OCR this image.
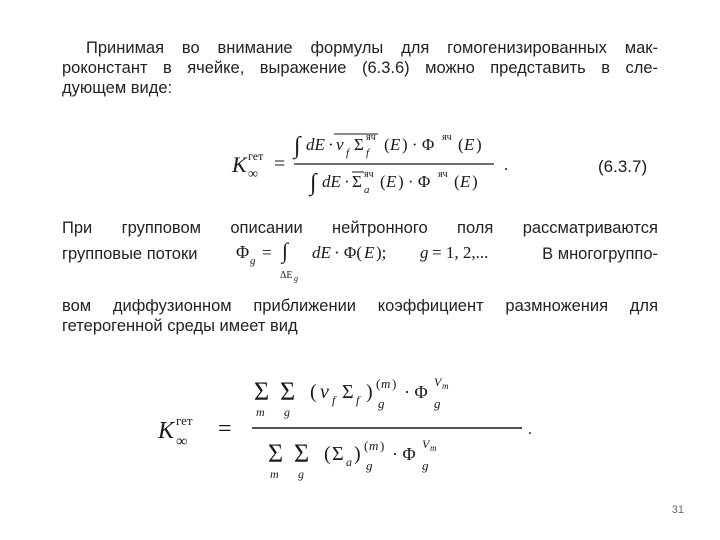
Принимая во внимание формулы для гомогенизированных мак-
роконстант в ячейке, выражение (6.3.6) можно представить в сле-
дующем виде:
K гет
∞ =
∫ dE · ν f Σ f
яч ( E ) · Φ яч ( E )
∫ dE · Σ a
яч ( E ) · Φ яч ( E )
.	(6.3.7)
При групповом описании нейтронного поля рассматриваются
групповые потоки Φ g = ∫
ΔE g
dE · Φ( E ); g = 1, 2,...	В многогруппо-
вом диффузионном приближении коэффициент размножения для
гетерогенной среды имеет вид
K гет
∞ =
Σ
m
Σ
g
( ν f Σ f ) ( m )
g
· Φ V m
g
.
Σ
m
Σ
g
( Σ a ) ( m )
g
· Φ V m
g
31
